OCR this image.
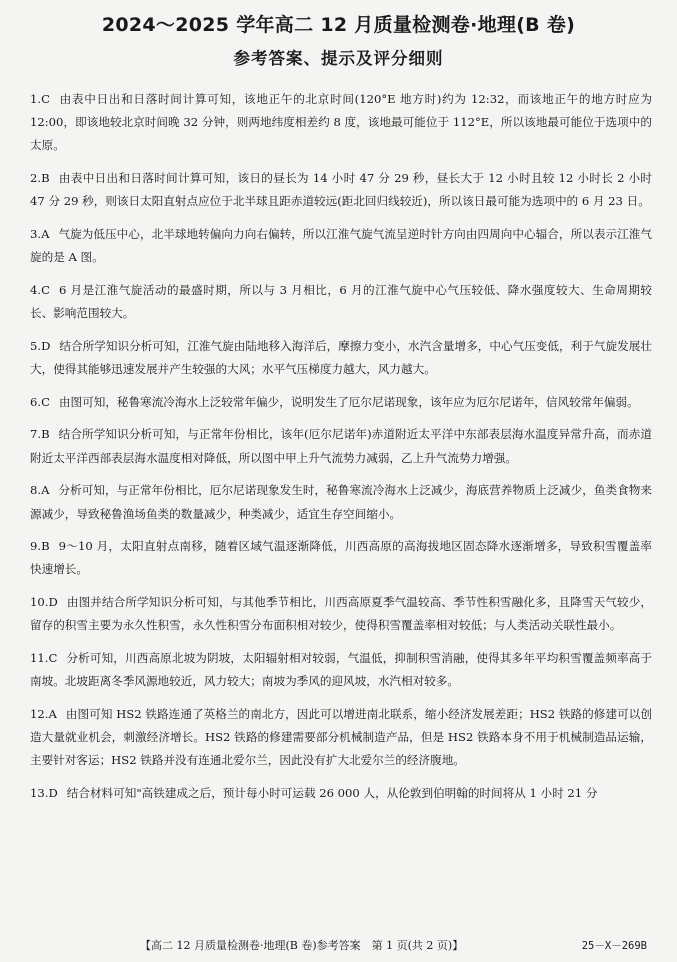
2024～2025 学年高二 12 月质量检测卷·地理(B 卷)
参考答案、提示及评分细则
1.C 由表中日出和日落时间计算可知，该地正午的北京时间(120°E 地方时)约为 12:32，而该地正午的地方时应为 12:00，即该地较北京时间晚 32 分钟，则两地纬度相差约 8 度，该地最可能位于 112°E，所以该地最可能位于选项中的太原。
2.B 由表中日出和日落时间计算可知，该日的昼长为 14 小时 47 分 29 秒，昼长大于 12 小时且较 12 小时长 2 小时 47 分 29 秒，则该日太阳直射点应位于北半球且距赤道较远(距北回归线较近)，所以该日最可能为选项中的 6 月 23 日。
3.A 气旋为低压中心，北半球地转偏向力向右偏转，所以江淮气旋气流呈逆时针方向由四周向中心辐合，所以表示江淮气旋的是 A 图。
4.C 6 月是江淮气旋活动的最盛时期，所以与 3 月相比，6 月的江淮气旋中心气压较低、降水强度较大、生命周期较长、影响范围较大。
5.D 结合所学知识分析可知，江淮气旋由陆地移入海洋后，摩擦力变小，水汽含量增多，中心气压变低，利于气旋发展壮大，使得其能够迅速发展并产生较强的大风；水平气压梯度力越大，风力越大。
6.C 由图可知，秘鲁寒流冷海水上泛较常年偏少，说明发生了厄尔尼诺现象，该年应为厄尔尼诺年，信风较常年偏弱。
7.B 结合所学知识分析可知，与正常年份相比，该年(厄尔尼诺年)赤道附近太平洋中东部表层海水温度异常升高，而赤道附近太平洋西部表层海水温度相对降低，所以图中甲上升气流势力减弱，乙上升气流势力增强。
8.A 分析可知，与正常年份相比，厄尔尼诺现象发生时，秘鲁寒流冷海水上泛减少，海底营养物质上泛减少，鱼类食物来源减少，导致秘鲁渔场鱼类的数量减少，种类减少，适宜生存空间缩小。
9.B 9～10 月，太阳直射点南移，随着区域气温逐渐降低，川西高原的高海拔地区固态降水逐渐增多，导致积雪覆盖率快速增长。
10.D 由图并结合所学知识分析可知，与其他季节相比，川西高原夏季气温较高、季节性积雪融化多，且降雪天气较少，留存的积雪主要为永久性积雪，永久性积雪分布面积相对较少，使得积雪覆盖率相对较低；与人类活动关联性最小。
11.C 分析可知，川西高原北坡为阴坡，太阳辐射相对较弱，气温低，抑制积雪消融，使得其多年平均积雪覆盖频率高于南坡。北坡距离冬季风源地较近，风力较大；南坡为季风的迎风坡，水汽相对较多。
12.A 由图可知 HS2 铁路连通了英格兰的南北方，因此可以增进南北联系，缩小经济发展差距；HS2 铁路的修建可以创造大量就业机会，刺激经济增长。HS2 铁路的修建需要部分机械制造产品，但是 HS2 铁路本身不用于机械制造品运输，主要针对客运；HS2 铁路并没有连通北爱尔兰，因此没有扩大北爱尔兰的经济腹地。
13.D 结合材料可知"高铁建成之后，预计每小时可运载 26 000 人，从伦敦到伯明翰的时间将从 1 小时 21 分
【高二 12 月质量检测卷·地理(B 卷)参考答案　第 1 页(共 2 页)】	25－X－269B
